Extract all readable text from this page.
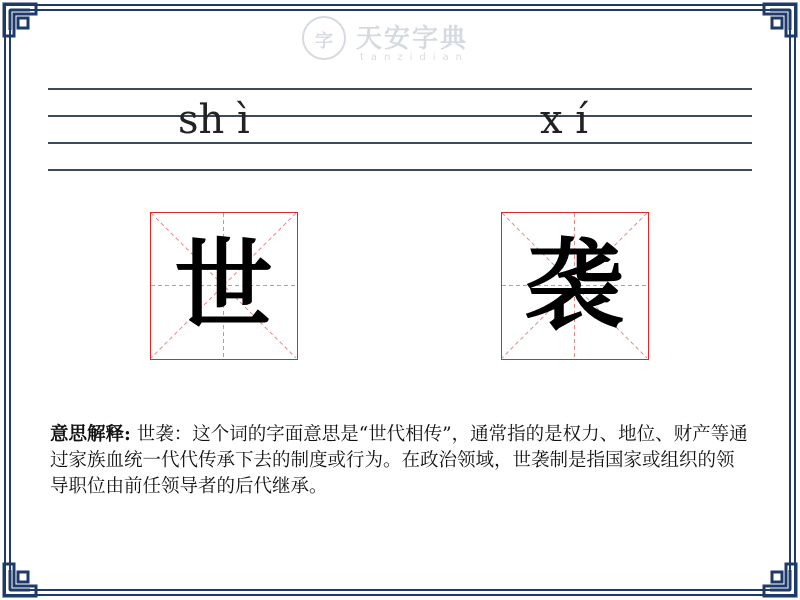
字 天安字典
tanzidian
sh ì	x í
世	袭
意思解释: 世袭：这个词的字面意思是“世代相传”，通常指的是权力、地位、财产等通过家族血统一代代传承下去的制度或行为。在政治领域，世袭制是指国家或组织的领导职位由前任领导者的后代继承。
